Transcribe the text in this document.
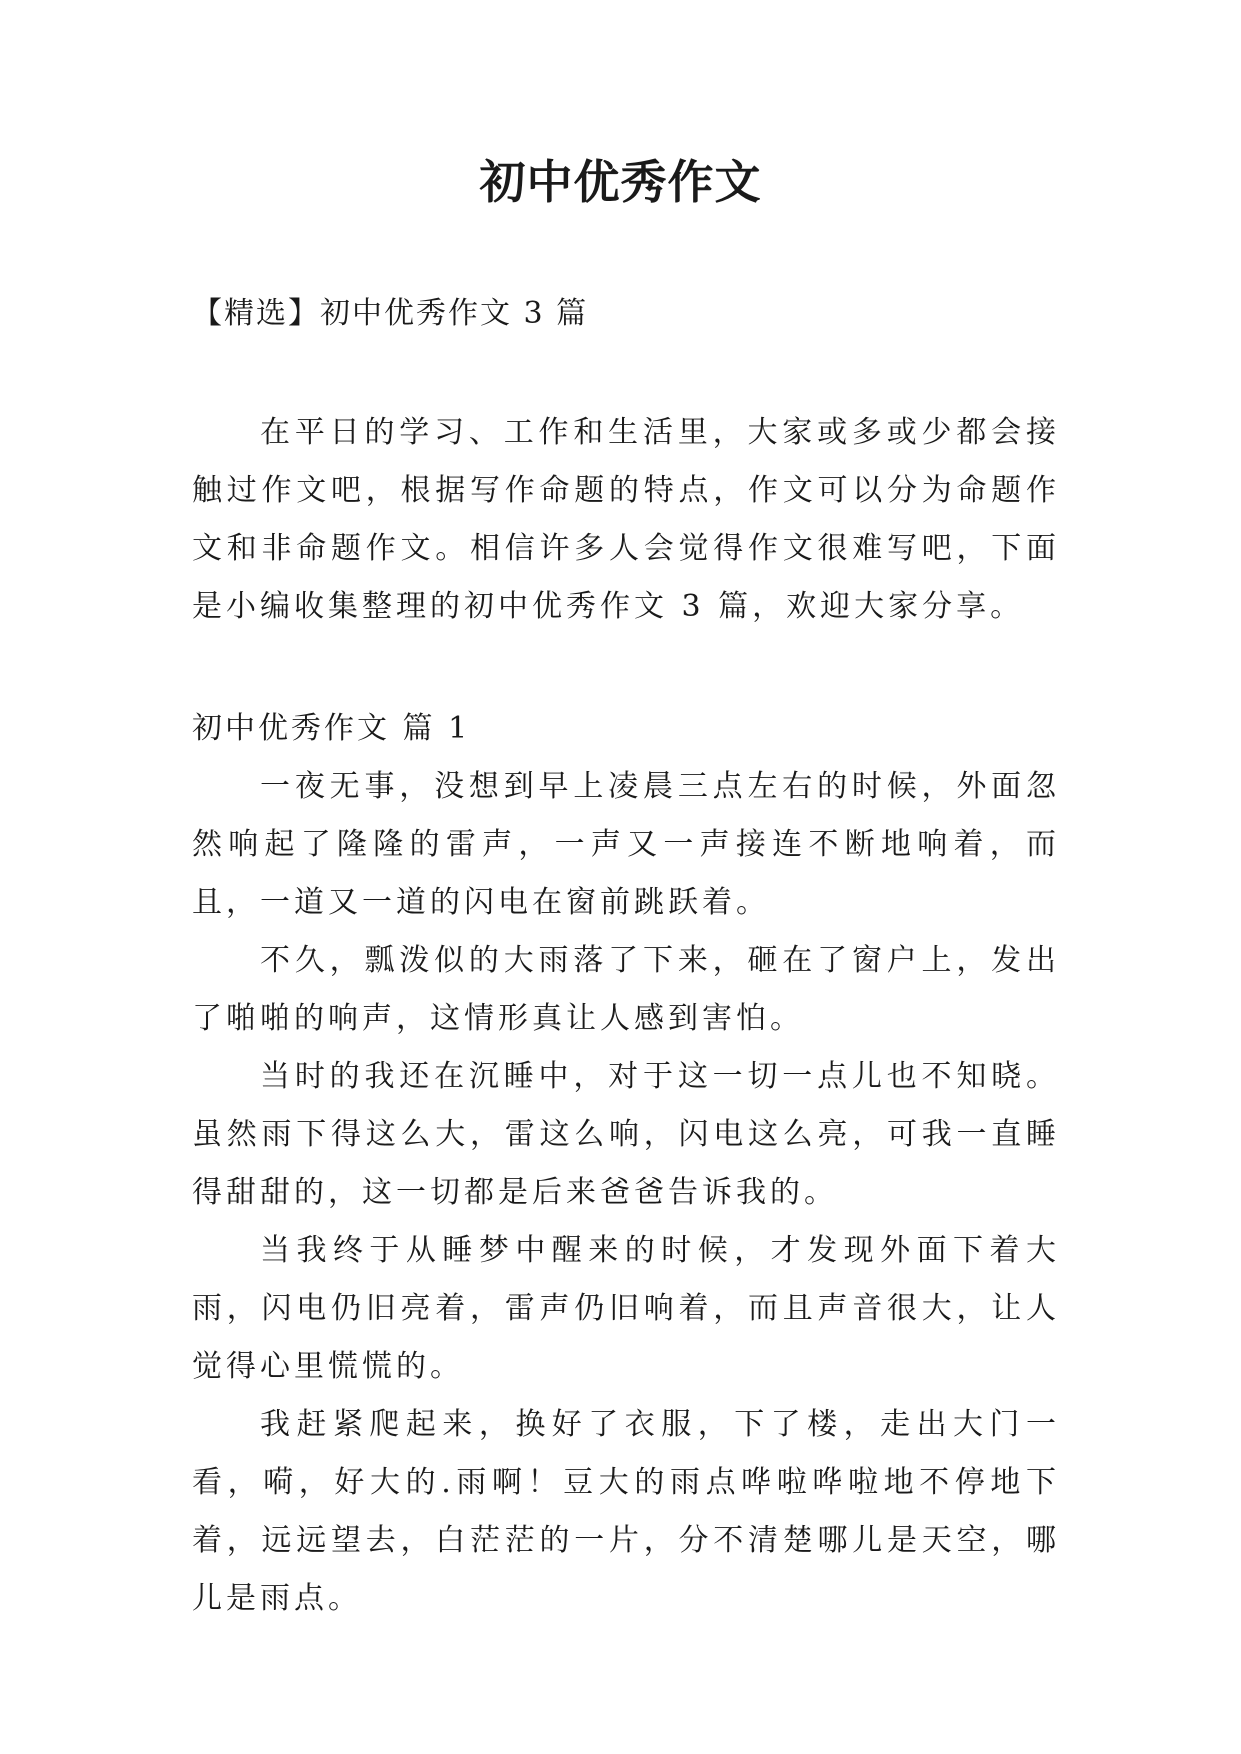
初中优秀作文
【精选】初中优秀作文 3 篇

在平日的学习、工作和生活里，大家或多或少都会接触过作文吧，根据写作命题的特点，作文可以分为命题作文和非命题作文。相信许多人会觉得作文很难写吧，下面是小编收集整理的初中优秀作文 3 篇，欢迎大家分享。

初中优秀作文 篇 1

一夜无事，没想到早上凌晨三点左右的时候，外面忽然响起了隆隆的雷声，一声又一声接连不断地响着，而且，一道又一道的闪电在窗前跳跃着。

不久，瓢泼似的大雨落了下来，砸在了窗户上，发出了啪啪的响声，这情形真让人感到害怕。

当时的我还在沉睡中，对于这一切一点儿也不知晓。虽然雨下得这么大，雷这么响，闪电这么亮，可我一直睡得甜甜的，这一切都是后来爸爸告诉我的。

当我终于从睡梦中醒来的时候，才发现外面下着大雨，闪电仍旧亮着，雷声仍旧响着，而且声音很大，让人觉得心里慌慌的。

我赶紧爬起来，换好了衣服，下了楼，走出大门一看，嗬，好大的.雨啊！豆大的雨点哗啦哗啦地不停地下着，远远望去，白茫茫的一片，分不清楚哪儿是天空，哪儿是雨点。
